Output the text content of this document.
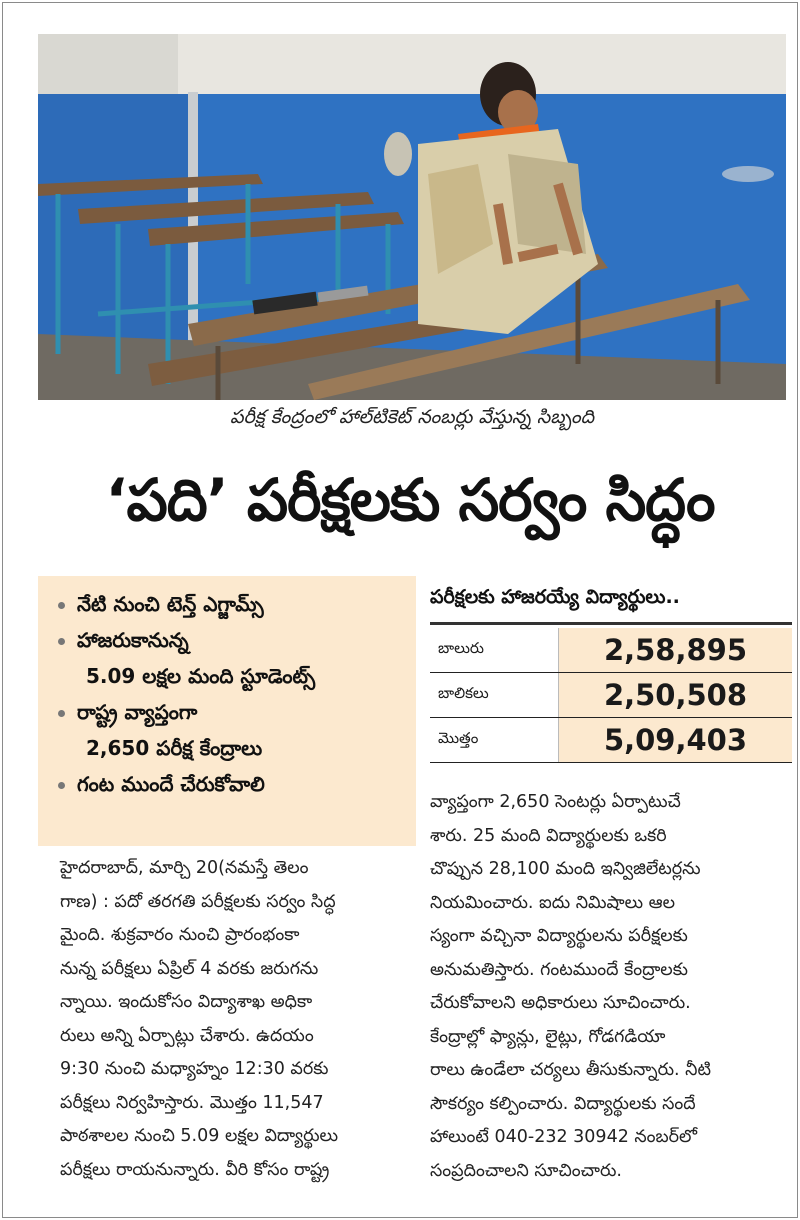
పరీక్ష కేంద్రంలో హాల్‌టికెట్ నంబర్లు వేస్తున్న సిబ్బంది
‘పది’ పరీక్షలకు సర్వం సిద్ధం
నేటి నుంచి టెన్త్ ఎగ్జామ్స్
హాజరుకానున్న
5.09 లక్షల మంది స్టూడెంట్స్
రాష్ట్ర వ్యాప్తంగా
2,650 పరీక్ష కేంద్రాలు
గంట ముందే చేరుకోవాలి
పరీక్షలకు హాజరయ్యే విద్యార్థులు..
బాలురు	2,58,895
బాలికలు	2,50,508
మొత్తం	5,09,403
హైదరాబాద్, మార్చి 20(నమస్తే తెలం
గాణ) : పదో తరగతి పరీక్షలకు సర్వం సిద్ధ
మైంది. శుక్రవారం నుంచి ప్రారంభంకా
నున్న పరీక్షలు ఏప్రిల్ 4 వరకు జరుగను
న్నాయి. ఇందుకోసం విద్యాశాఖ అధికా
రులు అన్ని ఏర్పాట్లు చేశారు. ఉదయం
9:30 నుంచి మధ్యాహ్నం 12:30 వరకు
పరీక్షలు నిర్వహిస్తారు. మొత్తం 11,547
పాఠశాలల నుంచి 5.09 లక్షల విద్యార్థులు
పరీక్షలు రాయనున్నారు. వీరి కోసం రాష్ట్ర
వ్యాప్తంగా 2,650 సెంటర్లు ఏర్పాటుచే
శారు. 25 మంది విద్యార్థులకు ఒకరి
చొప్పున 28,100 మంది ఇన్విజిలేటర్లను
నియమించారు. ఐదు నిమిషాలు ఆల
స్యంగా వచ్చినా విద్యార్థులను పరీక్షలకు
అనుమతిస్తారు. గంటముందే కేంద్రాలకు
చేరుకోవాలని అధికారులు సూచించారు.
కేంద్రాల్లో ఫ్యాన్లు, లైట్లు, గోడగడియా
రాలు ఉండేలా చర్యలు తీసుకున్నారు. నీటి
సౌకర్యం కల్పించారు. విద్యార్థులకు సందే
హాలుంటే 040-232 30942 నంబర్‌లో
సంప్రదించాలని సూచించారు.
